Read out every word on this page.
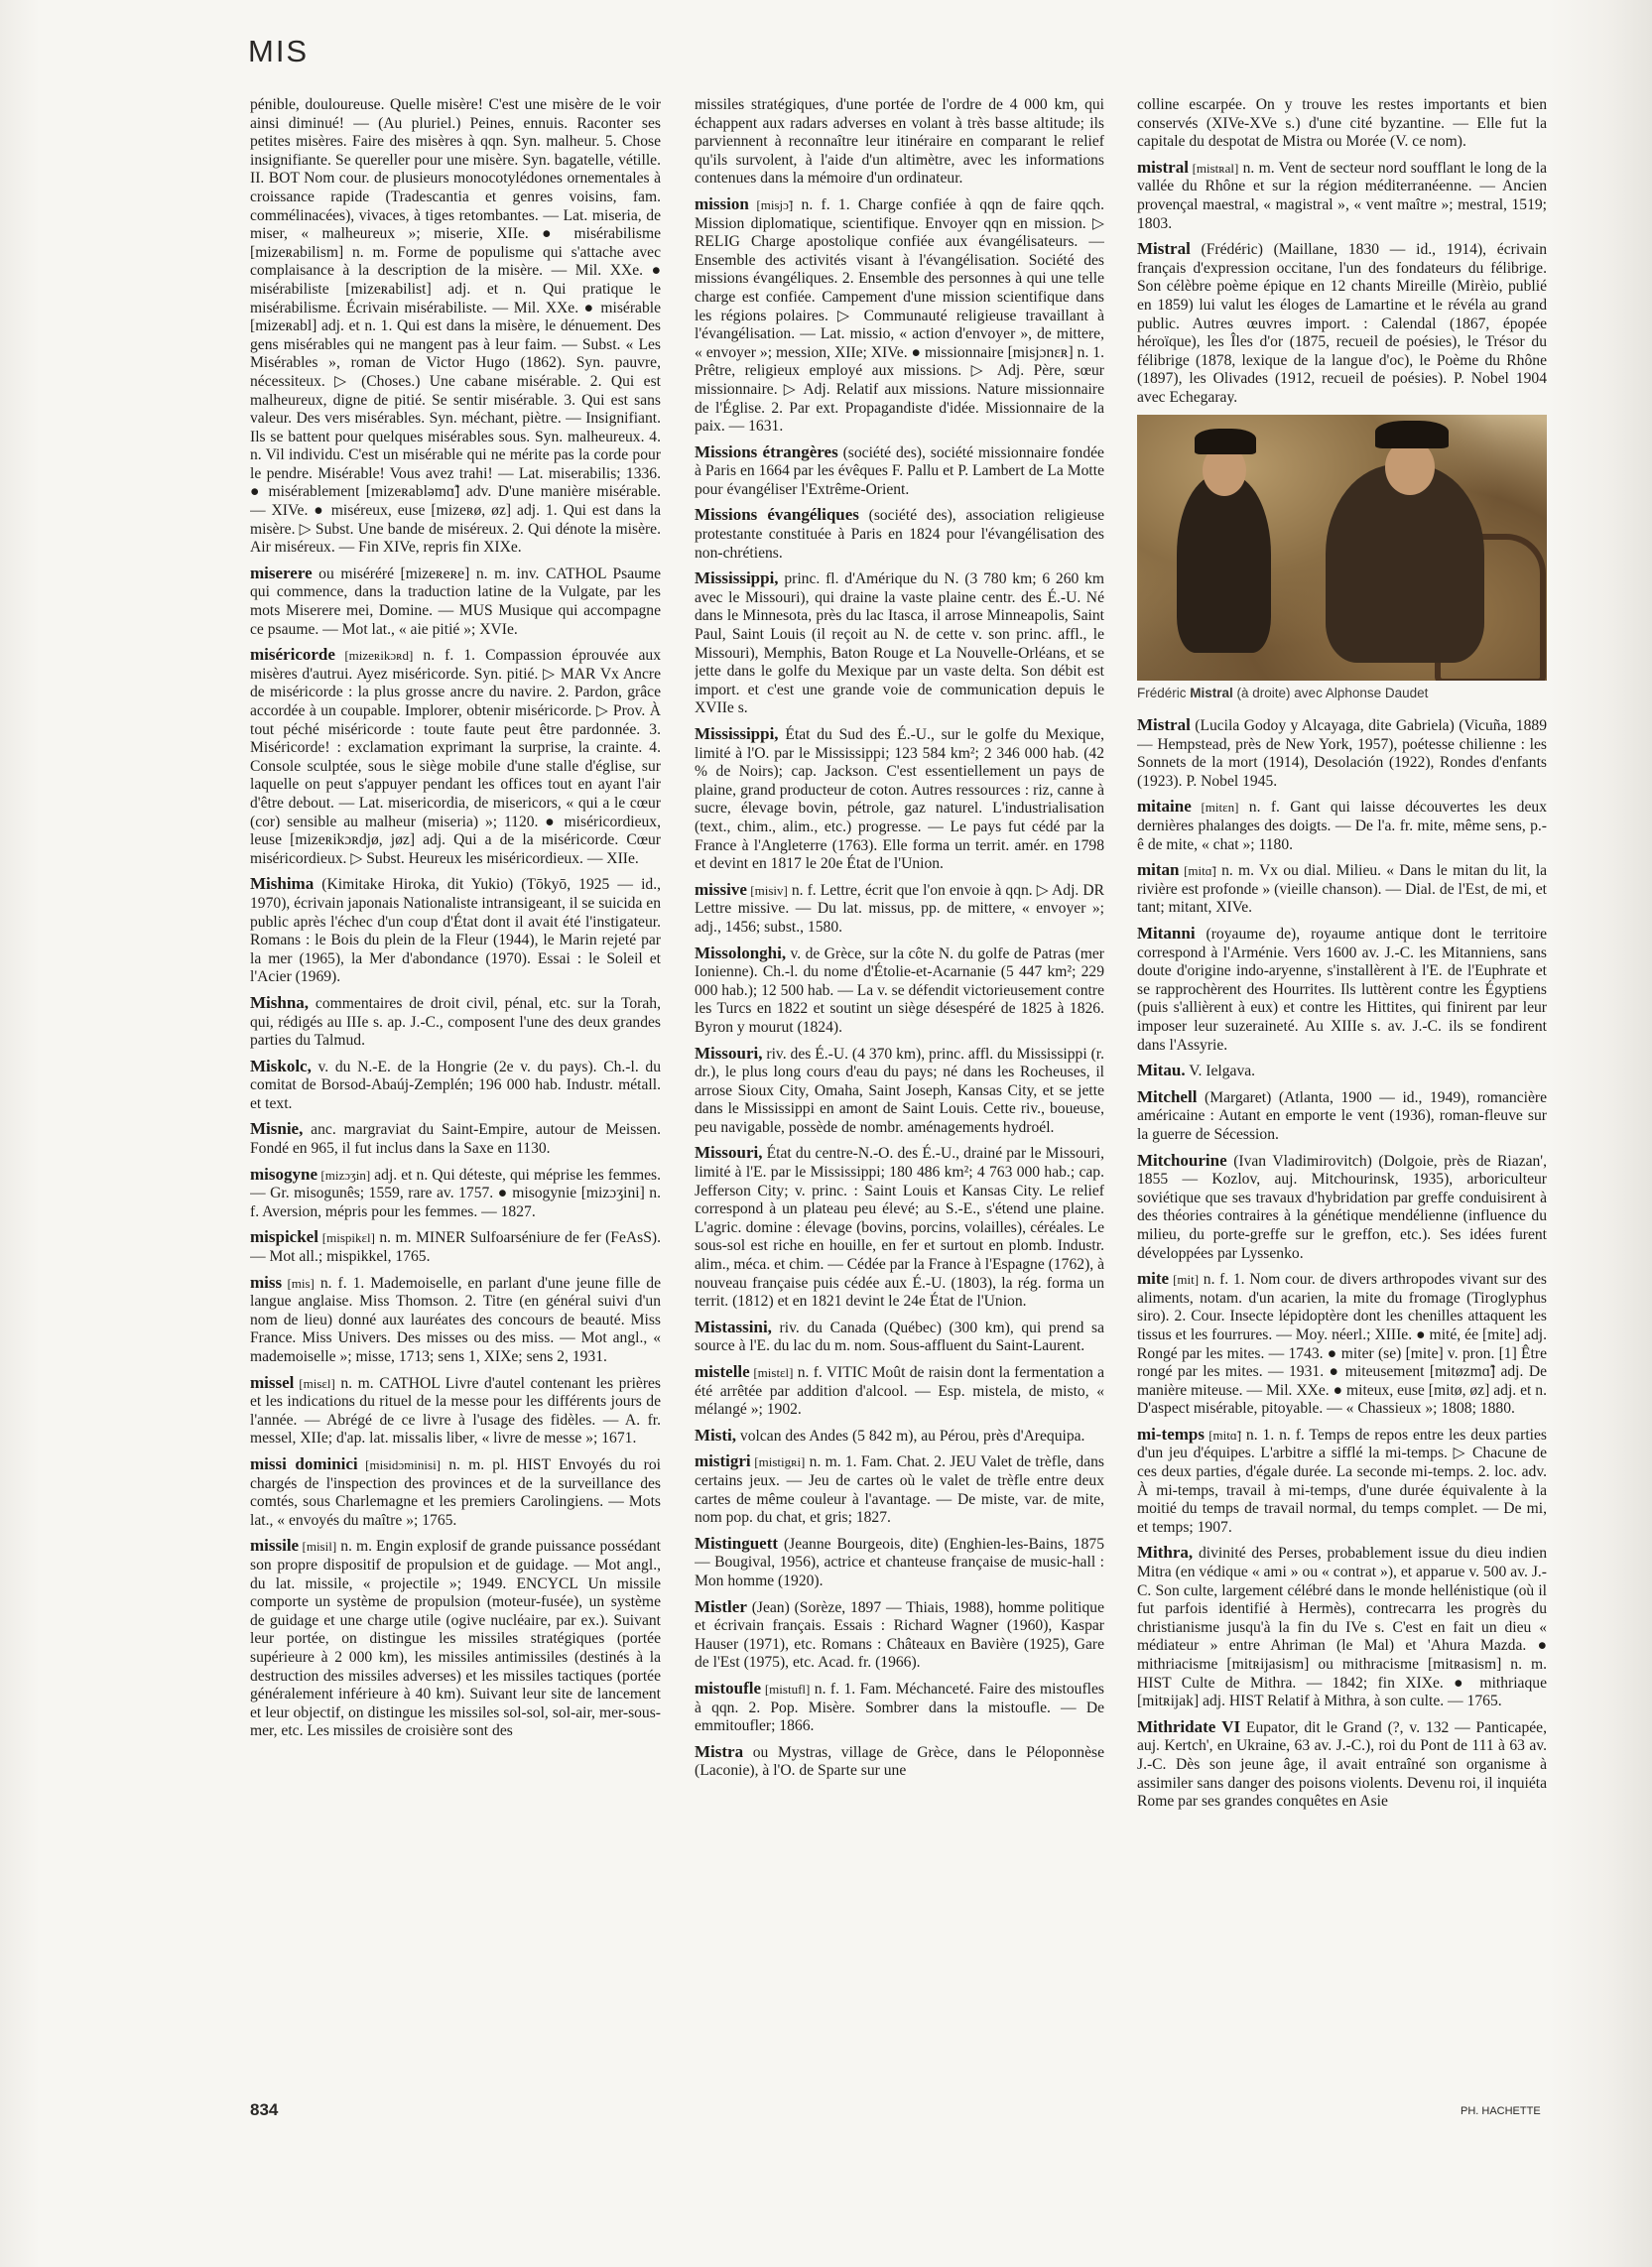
MIS
pénible, douloureuse. Quelle misère! C'est une misère de le voir ainsi diminué! — (Au pluriel.) Peines, ennuis. Raconter ses petites misères. Faire des misères à qqn. Syn. malheur. 5. Chose insignifiante. Se quereller pour une misère. Syn. bagatelle, vétille. II. BOT Nom cour. de plusieurs monocotylédones ornementales à croissance rapide (Tradescantia et genres voisins, fam. commélinacées), vivaces, à tiges retombantes. — Lat. miseria, de miser, « malheureux »; miserie, XIIe. ● misérabilisme [mizeʀabilism] n. m. Forme de populisme qui s'attache avec complaisance à la description de la misère. — Mil. XXe. ● misérabiliste [mizeʀabilist] adj. et n. Qui pratique le misérabilisme. Écrivain misérabiliste. — Mil. XXe. ● misérable [mizeʀabl] adj. et n. 1. Qui est dans la misère, le dénuement. Des gens misérables qui ne mangent pas à leur faim. — Subst. « Les Misérables », roman de Victor Hugo (1862). Syn. pauvre, nécessiteux. ▷ (Choses.) Une cabane misérable. 2. Qui est malheureux, digne de pitié. Se sentir misérable. 3. Qui est sans valeur. Des vers misérables. Syn. méchant, piètre. — Insignifiant. Ils se battent pour quelques misérables sous. Syn. malheureux. 4. n. Vil individu. C'est un misérable qui ne mérite pas la corde pour le pendre. Misérable! Vous avez trahi! — Lat. miserabilis; 1336. ● misérablement [mizeʀabləmɑ̃] adv. D'une manière misérable. — XIVe. ● miséreux, euse [mizeʀø, øz] adj. 1. Qui est dans la misère. ▷ Subst. Une bande de miséreux. 2. Qui dénote la misère. Air miséreux. — Fin XIVe, repris fin XIXe.
miserere ou miséréré [mizeʀeʀe] n. m. inv. CATHOL Psaume qui commence, dans la traduction latine de la Vulgate, par les mots Miserere mei, Domine. — MUS Musique qui accompagne ce psaume. — Mot lat., « aie pitié »; XVIe.
miséricorde [mizeʀikɔʀd] n. f. 1. Compassion éprouvée aux misères d'autrui. Ayez miséricorde. Syn. pitié. ▷ MAR Vx Ancre de miséricorde : la plus grosse ancre du navire. 2. Pardon, grâce accordée à un coupable. Implorer, obtenir miséricorde. ▷ Prov. À tout péché miséricorde : toute faute peut être pardonnée. 3. Miséricorde! : exclamation exprimant la surprise, la crainte. 4. Console sculptée, sous le siège mobile d'une stalle d'église, sur laquelle on peut s'appuyer pendant les offices tout en ayant l'air d'être debout. — Lat. misericordia, de misericors, « qui a le cœur (cor) sensible au malheur (miseria) »; 1120. ● miséricordieux, leuse [mizeʀikɔʀdjø, jøz] adj. Qui a de la miséricorde. Cœur miséricordieux. ▷ Subst. Heureux les miséricordieux. — XIIe.
Mishima (Kimitake Hiroka, dit Yukio) (Tōkyō, 1925 — id., 1970), écrivain japonais Nationaliste intransigeant, il se suicida en public après l'échec d'un coup d'État dont il avait été l'instigateur. Romans : le Bois du plein de la Fleur (1944), le Marin rejeté par la mer (1965), la Mer d'abondance (1970). Essai : le Soleil et l'Acier (1969).
Mishna, commentaires de droit civil, pénal, etc. sur la Torah, qui, rédigés au IIIe s. ap. J.-C., composent l'une des deux grandes parties du Talmud.
Miskolc, v. du N.-E. de la Hongrie (2e v. du pays). Ch.-l. du comitat de Borsod-Abaúj-Zemplén; 196 000 hab. Industr. métall. et text.
Misnie, anc. margraviat du Saint-Empire, autour de Meissen. Fondé en 965, il fut inclus dans la Saxe en 1130.
misogyne [mizɔʒin] adj. et n. Qui déteste, qui méprise les femmes. — Gr. misogunês; 1559, rare av. 1757. ● misogynie [mizɔʒini] n. f. Aversion, mépris pour les femmes. — 1827.
mispickel [mispikɛl] n. m. MINER Sulfoarséniure de fer (FeAsS). — Mot all.; mispikkel, 1765.
miss [mis] n. f. 1. Mademoiselle, en parlant d'une jeune fille de langue anglaise. Miss Thomson. 2. Titre (en général suivi d'un nom de lieu) donné aux lauréates des concours de beauté. Miss France. Miss Univers. Des misses ou des miss. — Mot angl., « mademoiselle »; misse, 1713; sens 1, XIXe; sens 2, 1931.
missel [misɛl] n. m. CATHOL Livre d'autel contenant les prières et les indications du rituel de la messe pour les différents jours de l'année. — Abrégé de ce livre à l'usage des fidèles. — A. fr. messel, XIIe; d'ap. lat. missalis liber, « livre de messe »; 1671.
missi dominici [misidɔminisi] n. m. pl. HIST Envoyés du roi chargés de l'inspection des provinces et de la surveillance des comtés, sous Charlemagne et les premiers Carolingiens. — Mots lat., « envoyés du maître »; 1765.
missile [misil] n. m. Engin explosif de grande puissance possédant son propre dispositif de propulsion et de guidage. — Mot angl., du lat. missile, « projectile »; 1949. ENCYCL Un missile comporte un système de propulsion (moteur-fusée), un système de guidage et une charge utile (ogive nucléaire, par ex.). Suivant leur portée, on distingue les missiles stratégiques (portée supérieure à 2 000 km), les missiles antimissiles (destinés à la destruction des missiles adverses) et les missiles tactiques (portée généralement inférieure à 40 km). Suivant leur site de lancement et leur objectif, on distingue les missiles sol-sol, sol-air, mer-sous-mer, etc. Les missiles de croisière sont des
missiles stratégiques, d'une portée de l'ordre de 4 000 km, qui échappent aux radars adverses en volant à très basse altitude; ils parviennent à reconnaître leur itinéraire en comparant le relief qu'ils survolent, à l'aide d'un altimètre, avec les informations contenues dans la mémoire d'un ordinateur.
mission [misjɔ̃] n. f. 1. Charge confiée à qqn de faire qqch. Mission diplomatique, scientifique. Envoyer qqn en mission. ▷ RELIG Charge apostolique confiée aux évangélisateurs. — Ensemble des activités visant à l'évangélisation. Société des missions évangéliques. 2. Ensemble des personnes à qui une telle charge est confiée. Campement d'une mission scientifique dans les régions polaires. ▷ Communauté religieuse travaillant à l'évangélisation. — Lat. missio, « action d'envoyer », de mittere, « envoyer »; mession, XIIe; XIVe. ● missionnaire [misjɔnɛʀ] n. 1. Prêtre, religieux employé aux missions. ▷ Adj. Père, sœur missionnaire. ▷ Adj. Relatif aux missions. Nature missionnaire de l'Église. 2. Par ext. Propagandiste d'idée. Missionnaire de la paix. — 1631.
Missions étrangères (société des), société missionnaire fondée à Paris en 1664 par les évêques F. Pallu et P. Lambert de La Motte pour évangéliser l'Extrême-Orient.
Missions évangéliques (société des), association religieuse protestante constituée à Paris en 1824 pour l'évangélisation des non-chrétiens.
Mississippi, princ. fl. d'Amérique du N. (3 780 km; 6 260 km avec le Missouri), qui draine la vaste plaine centr. des É.-U. Né dans le Minnesota, près du lac Itasca, il arrose Minneapolis, Saint Paul, Saint Louis (il reçoit au N. de cette v. son princ. affl., le Missouri), Memphis, Baton Rouge et La Nouvelle-Orléans, et se jette dans le golfe du Mexique par un vaste delta. Son débit est import. et c'est une grande voie de communication depuis le XVIIe s.
Mississippi, État du Sud des É.-U., sur le golfe du Mexique, limité à l'O. par le Mississippi; 123 584 km²; 2 346 000 hab. (42 % de Noirs); cap. Jackson. C'est essentiellement un pays de plaine, grand producteur de coton. Autres ressources : riz, canne à sucre, élevage bovin, pétrole, gaz naturel. L'industrialisation (text., chim., alim., etc.) progresse. — Le pays fut cédé par la France à l'Angleterre (1763). Elle forma un territ. amér. en 1798 et devint en 1817 le 20e État de l'Union.
missive [misiv] n. f. Lettre, écrit que l'on envoie à qqn. ▷ Adj. DR Lettre missive. — Du lat. missus, pp. de mittere, « envoyer »; adj., 1456; subst., 1580.
Missolonghi, v. de Grèce, sur la côte N. du golfe de Patras (mer Ionienne). Ch.-l. du nome d'Étolie-et-Acarnanie (5 447 km²; 229 000 hab.); 12 500 hab. — La v. se défendit victorieusement contre les Turcs en 1822 et soutint un siège désespéré de 1825 à 1826. Byron y mourut (1824).
Missouri, riv. des É.-U. (4 370 km), princ. affl. du Mississippi (r. dr.), le plus long cours d'eau du pays; né dans les Rocheuses, il arrose Sioux City, Omaha, Saint Joseph, Kansas City, et se jette dans le Mississippi en amont de Saint Louis. Cette riv., boueuse, peu navigable, possède de nombr. aménagements hydroél.
Missouri, État du centre-N.-O. des É.-U., drainé par le Missouri, limité à l'E. par le Mississippi; 180 486 km²; 4 763 000 hab.; cap. Jefferson City; v. princ. : Saint Louis et Kansas City. Le relief correspond à un plateau peu élevé; au S.-E., s'étend une plaine. L'agric. domine : élevage (bovins, porcins, volailles), céréales. Le sous-sol est riche en houille, en fer et surtout en plomb. Industr. alim., méca. et chim. — Cédée par la France à l'Espagne (1762), à nouveau française puis cédée aux É.-U. (1803), la rég. forma un territ. (1812) et en 1821 devint le 24e État de l'Union.
Mistassini, riv. du Canada (Québec) (300 km), qui prend sa source à l'E. du lac du m. nom. Sous-affluent du Saint-Laurent.
mistelle [mistɛl] n. f. VITIC Moût de raisin dont la fermentation a été arrêtée par addition d'alcool. — Esp. mistela, de misto, « mélangé »; 1902.
Misti, volcan des Andes (5 842 m), au Pérou, près d'Arequipa.
mistigri [mistigʀi] n. m. 1. Fam. Chat. 2. JEU Valet de trèfle, dans certains jeux. — Jeu de cartes où le valet de trèfle entre deux cartes de même couleur à l'avantage. — De miste, var. de mite, nom pop. du chat, et gris; 1827.
Mistinguett (Jeanne Bourgeois, dite) (Enghien-les-Bains, 1875 — Bougival, 1956), actrice et chanteuse française de music-hall : Mon homme (1920).
Mistler (Jean) (Sorèze, 1897 — Thiais, 1988), homme politique et écrivain français. Essais : Richard Wagner (1960), Kaspar Hauser (1971), etc. Romans : Châteaux en Bavière (1925), Gare de l'Est (1975), etc. Acad. fr. (1966).
mistoufle [mistufl] n. f. 1. Fam. Méchanceté. Faire des mistoufles à qqn. 2. Pop. Misère. Sombrer dans la mistoufle. — De emmitoufler; 1866.
Mistra ou Mystras, village de Grèce, dans le Péloponnèse (Laconie), à l'O. de Sparte sur une
colline escarpée. On y trouve les restes importants et bien conservés (XIVe-XVe s.) d'une cité byzantine. — Elle fut la capitale du despotat de Mistra ou Morée (V. ce nom).
mistral [mistʀal] n. m. Vent de secteur nord soufflant le long de la vallée du Rhône et sur la région méditerranéenne. — Ancien provençal maestral, « magistral », « vent maître »; mestral, 1519; 1803.
Mistral (Frédéric) (Maillane, 1830 — id., 1914), écrivain français d'expression occitane, l'un des fondateurs du félibrige. Son célèbre poème épique en 12 chants Mireille (Mirèio, publié en 1859) lui valut les éloges de Lamartine et le révéla au grand public. Autres œuvres import. : Calendal (1867, épopée héroïque), les Îles d'or (1875, recueil de poésies), le Trésor du félibrige (1878, lexique de la langue d'oc), le Poème du Rhône (1897), les Olivades (1912, recueil de poésies). P. Nobel 1904 avec Echegaray.
Frédéric Mistral (à droite) avec Alphonse Daudet
Mistral (Lucila Godoy y Alcayaga, dite Gabriela) (Vicuña, 1889 — Hempstead, près de New York, 1957), poétesse chilienne : les Sonnets de la mort (1914), Desolación (1922), Rondes d'enfants (1923). P. Nobel 1945.
mitaine [mitɛn] n. f. Gant qui laisse découvertes les deux dernières phalanges des doigts. — De l'a. fr. mite, même sens, p.-ê de mite, « chat »; 1180.
mitan [mitɑ̃] n. m. Vx ou dial. Milieu. « Dans le mitan du lit, la rivière est profonde » (vieille chanson). — Dial. de l'Est, de mi, et tant; mitant, XIVe.
Mitanni (royaume de), royaume antique dont le territoire correspond à l'Arménie. Vers 1600 av. J.-C. les Mitanniens, sans doute d'origine indo-aryenne, s'installèrent à l'E. de l'Euphrate et se rapprochèrent des Hourrites. Ils luttèrent contre les Égyptiens (puis s'allièrent à eux) et contre les Hittites, qui finirent par leur imposer leur suzeraineté. Au XIIIe s. av. J.-C. ils se fondirent dans l'Assyrie.
Mitau. V. Ielgava.
Mitchell (Margaret) (Atlanta, 1900 — id., 1949), romancière américaine : Autant en emporte le vent (1936), roman-fleuve sur la guerre de Sécession.
Mitchourine (Ivan Vladimirovitch) (Dolgoie, près de Riazan', 1855 — Kozlov, auj. Mitchourinsk, 1935), arboriculteur soviétique que ses travaux d'hybridation par greffe conduisirent à des théories contraires à la génétique mendélienne (influence du milieu, du porte-greffe sur le greffon, etc.). Ses idées furent développées par Lyssenko.
mite [mit] n. f. 1. Nom cour. de divers arthropodes vivant sur des aliments, notam. d'un acarien, la mite du fromage (Tiroglyphus siro). 2. Cour. Insecte lépidoptère dont les chenilles attaquent les tissus et les fourrures. — Moy. néerl.; XIIIe. ● mité, ée [mite] adj. Rongé par les mites. — 1743. ● miter (se) [mite] v. pron. [1] Être rongé par les mites. — 1931. ● miteusement [mitøzmɑ̃] adj. De manière miteuse. — Mil. XXe. ● miteux, euse [mitø, øz] adj. et n. D'aspect misérable, pitoyable. — « Chassieux »; 1808; 1880.
mi-temps [mitɑ̃] n. 1. n. f. Temps de repos entre les deux parties d'un jeu d'équipes. L'arbitre a sifflé la mi-temps. ▷ Chacune de ces deux parties, d'égale durée. La seconde mi-temps. 2. loc. adv. À mi-temps, travail à mi-temps, d'une durée équivalente à la moitié du temps de travail normal, du temps complet. — De mi, et temps; 1907.
Mithra, divinité des Perses, probablement issue du dieu indien Mitra (en védique « ami » ou « contrat »), et apparue v. 500 av. J.-C. Son culte, largement célébré dans le monde hellénistique (où il fut parfois identifié à Hermès), contrecarra les progrès du christianisme jusqu'à la fin du IVe s. C'est en fait un dieu « médiateur » entre Ahriman (le Mal) et 'Ahura Mazda. ● mithriacisme [mitʀijasism] ou mithracisme [mitʀasism] n. m. HIST Culte de Mithra. — 1842; fin XIXe. ● mithriaque [mitʀijak] adj. HIST Relatif à Mithra, à son culte. — 1765.
Mithridate VI Eupator, dit le Grand (?, v. 132 — Panticapée, auj. Kertch', en Ukraine, 63 av. J.-C.), roi du Pont de 111 à 63 av. J.-C. Dès son jeune âge, il avait entraîné son organisme à assimiler sans danger des poisons violents. Devenu roi, il inquiéta Rome par ses grandes conquêtes en Asie
834	PH. HACHETTE
